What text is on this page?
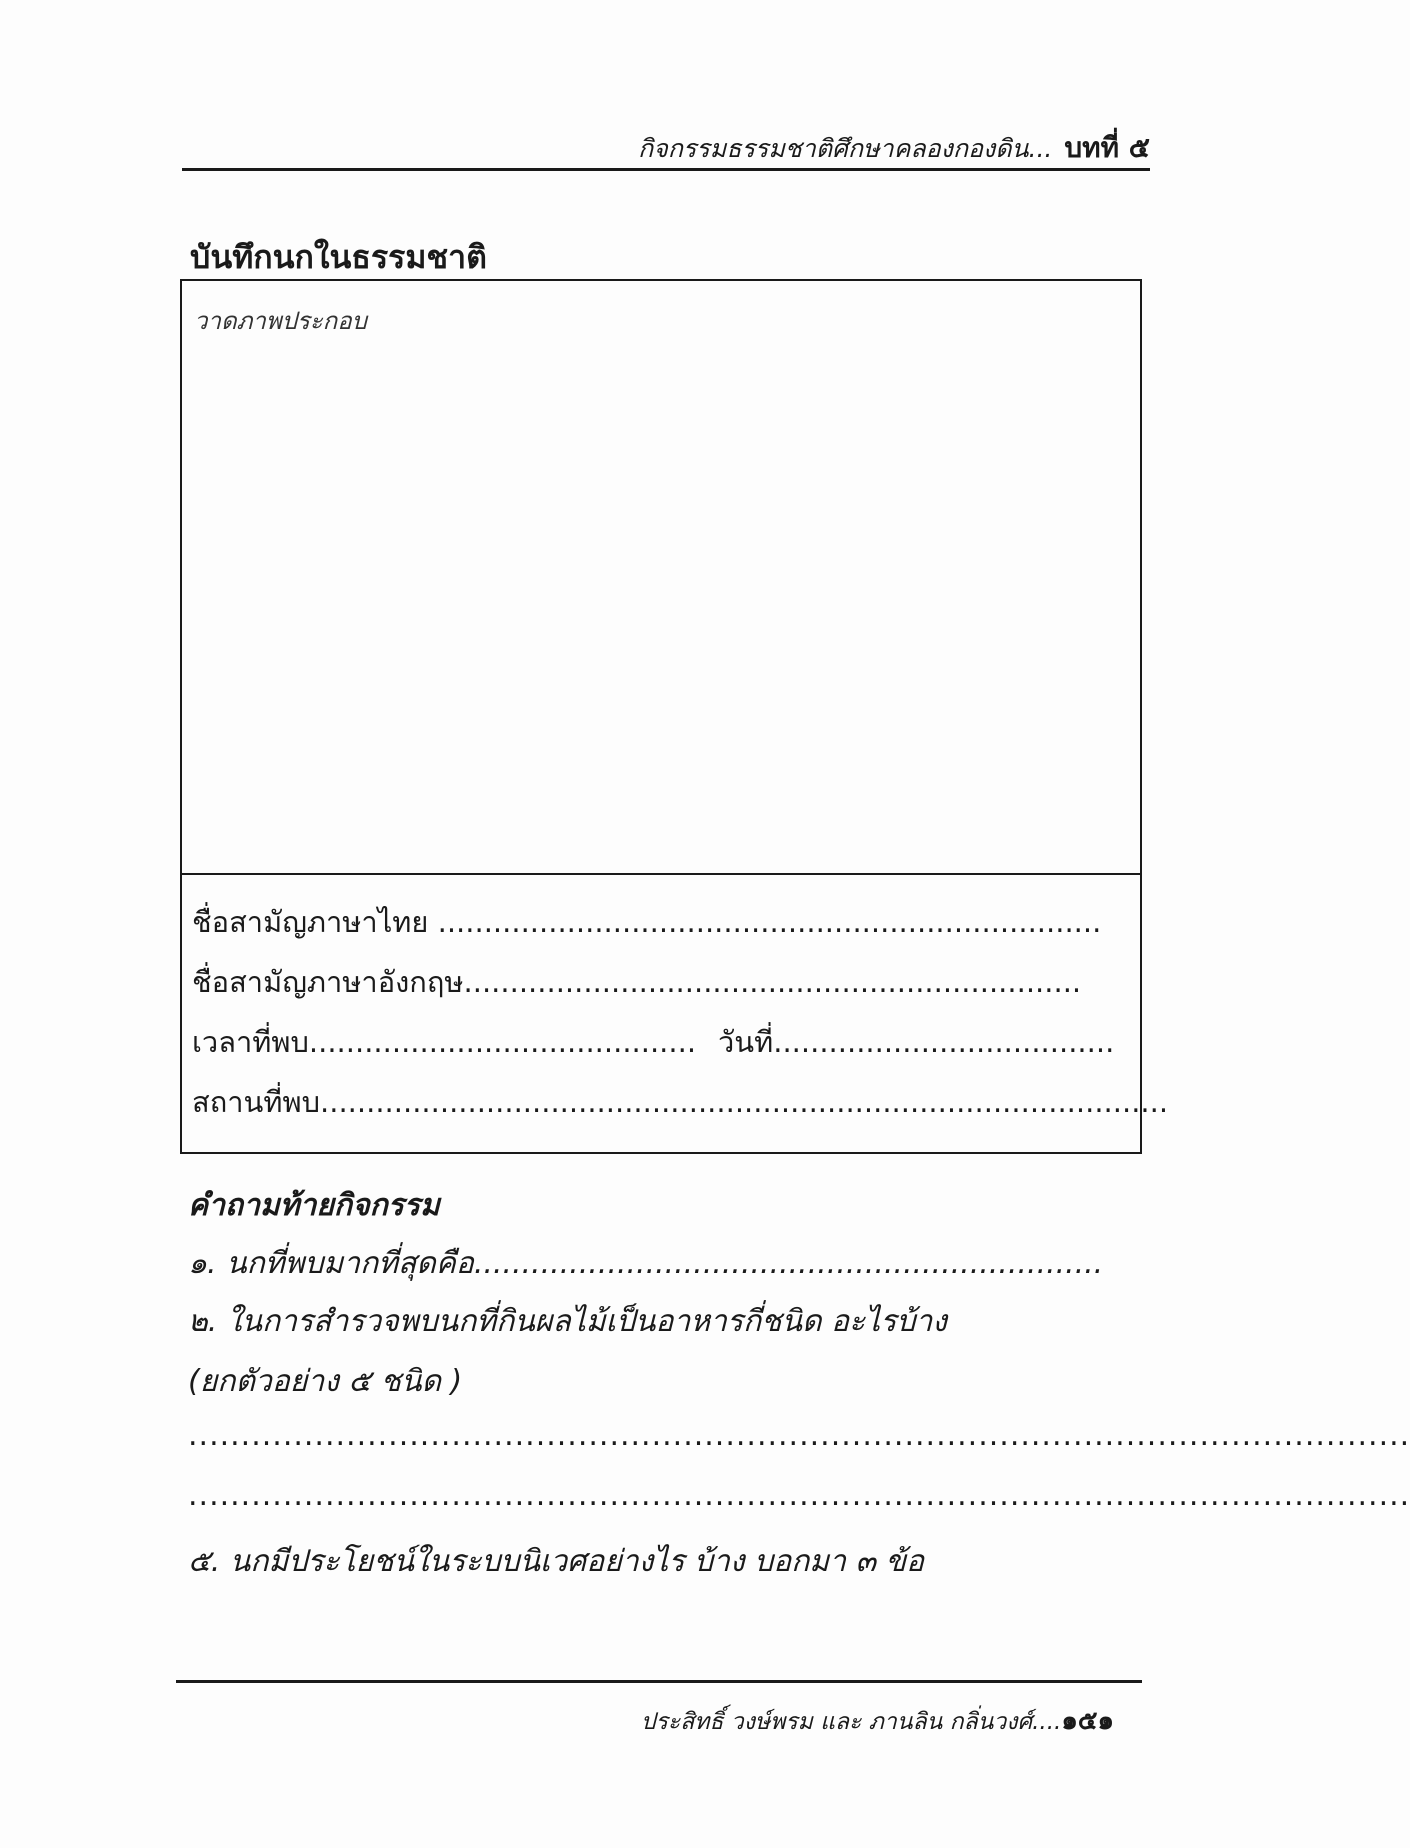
กิจกรรมธรรมชาติศึกษาคลองกองดิน... บทที่ ๕
บันทึกนกในธรรมชาติ
วาดภาพประกอบ
ชื่อสามัญภาษาไทย ........................................................................
ชื่อสามัญภาษาอังกฤษ...................................................................
เวลาที่พบ.......................................... วันที่.....................................
สถานที่พบ............................................................................................
คำถามท้ายกิจกรรม
๑. นกที่พบมากที่สุดคือ..................................................................
๒. ในการสำรวจพบนกที่กินผลไม้เป็นอาหารกี่ชนิด อะไรบ้าง
(ยกตัวอย่าง ๕ ชนิด )
....................................................................................................................
....................................................................................................................
๕. นกมีประโยชน์ในระบบนิเวศอย่างไร บ้าง บอกมา ๓ ข้อ
ประสิทธิ์ วงษ์พรม และ ภานลิน กลิ่นวงศ์....๑๕๑
